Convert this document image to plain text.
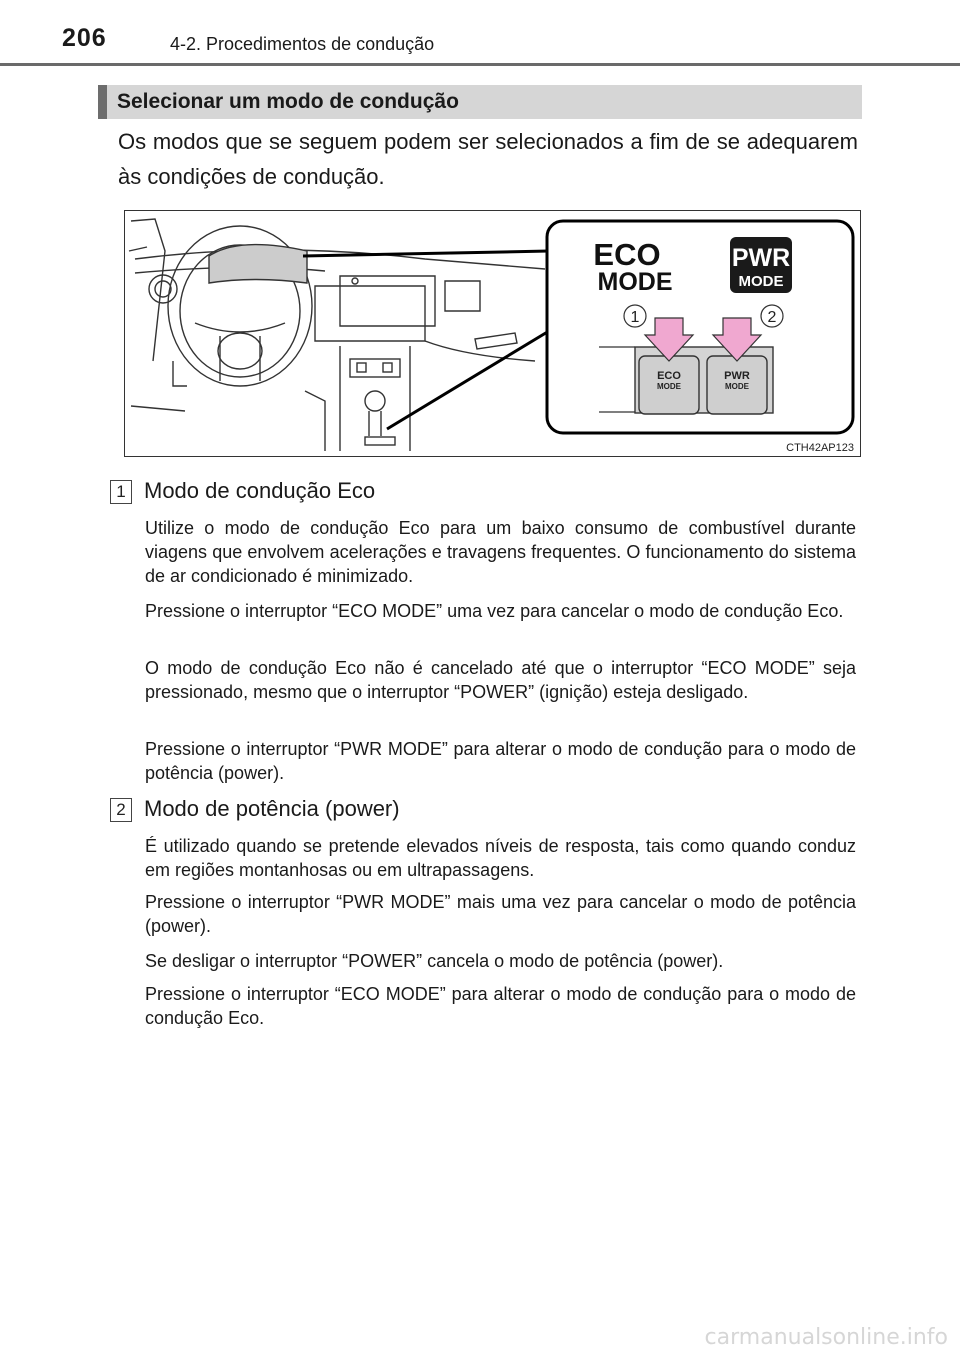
206	4-2. Procedimentos de condução
Selecionar um modo de condução
Os modos que se seguem podem ser selecionados a fim de se adequarem às condições de condução.
ECO
MODE
PWR
MODE
1	2
ECO
MODE
PWR
MODE
CTH42AP123
1 Modo de condução Eco
Utilize o modo de condução Eco para um baixo consumo de combustível durante viagens que envolvem acelerações e travagens frequentes. O funcionamento do sistema de ar condicionado é minimizado.
Pressione o interruptor “ECO MODE” uma vez para cancelar o modo de condução Eco.
O modo de condução Eco não é cancelado até que o interruptor “ECO MODE” seja pressionado, mesmo que o interruptor “POWER” (ignição) esteja desligado.
Pressione o interruptor “PWR MODE” para alterar o modo de condução para o modo de potência (power).
2 Modo de potência (power)
É utilizado quando se pretende elevados níveis de resposta, tais como quando conduz em regiões montanhosas ou em ultrapassagens.
Pressione o interruptor “PWR MODE” mais uma vez para cancelar o modo de potência (power).
Se desligar o interruptor “POWER” cancela o modo de potência (power).
Pressione o interruptor “ECO MODE” para alterar o modo de condução para o modo de condução Eco.
carmanualsonline.info
